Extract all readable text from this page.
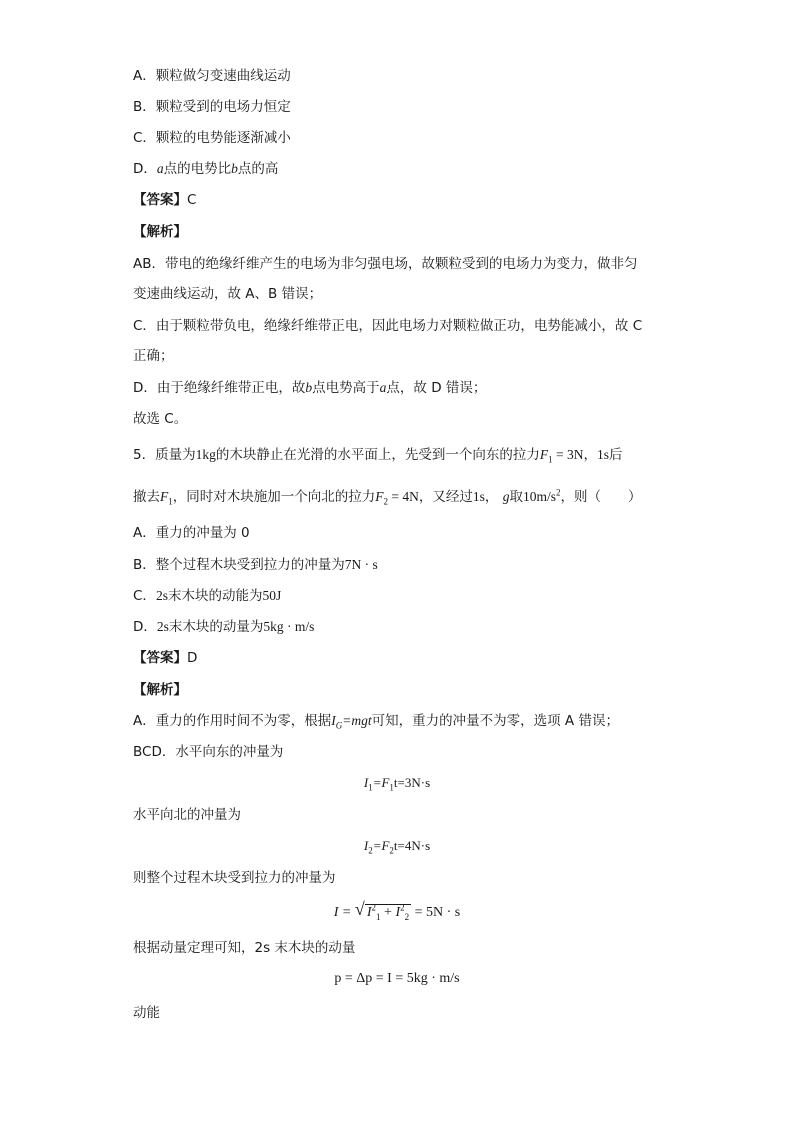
A．颗粒做匀变速曲线运动
B．颗粒受到的电场力恒定
C．颗粒的电势能逐渐减小
D．a点的电势比b点的高
【答案】C
【解析】
AB．带电的绝缘纤维产生的电场为非匀强电场，故颗粒受到的电场力为变力，做非匀
变速曲线运动，故 A、B 错误；
C．由于颗粒带负电，绝缘纤维带正电，因此电场力对颗粒做正功，电势能减小，故 C
正确；
D．由于绝缘纤维带正电，故b点电势高于a点，故 D 错误；
故选 C。
5．质量为1kg的木块静止在光滑的水平面上，先受到一个向东的拉力$F_1 = 3N$，1s后
撤去$F_1$，同时对木块施加一个向北的拉力$F_2 = 4N$，又经过1s， g取$10m/s^2$，则（　　）
A．重力的冲量为 0
B．整个过程木块受到拉力的冲量为7N · s
C．2s末木块的动能为50J
D．2s末木块的动量为5kg · m/s
【答案】D
【解析】
A．重力的作用时间不为零，根据$I_G=mgt$可知，重力的冲量不为零，选项 A 错误；
BCD．水平向东的冲量为
$I_1=F_1t=3N\cdot s$
水平向北的冲量为
$I_2=F_2t=4N\cdot s$
则整个过程木块受到拉力的冲量为
I = √ $I^2_1 + I^2_2 = 5N \cdot s$
根据动量定理可知，2s 末木块的动量
p = Δp = I = 5kg · m/s
动能
